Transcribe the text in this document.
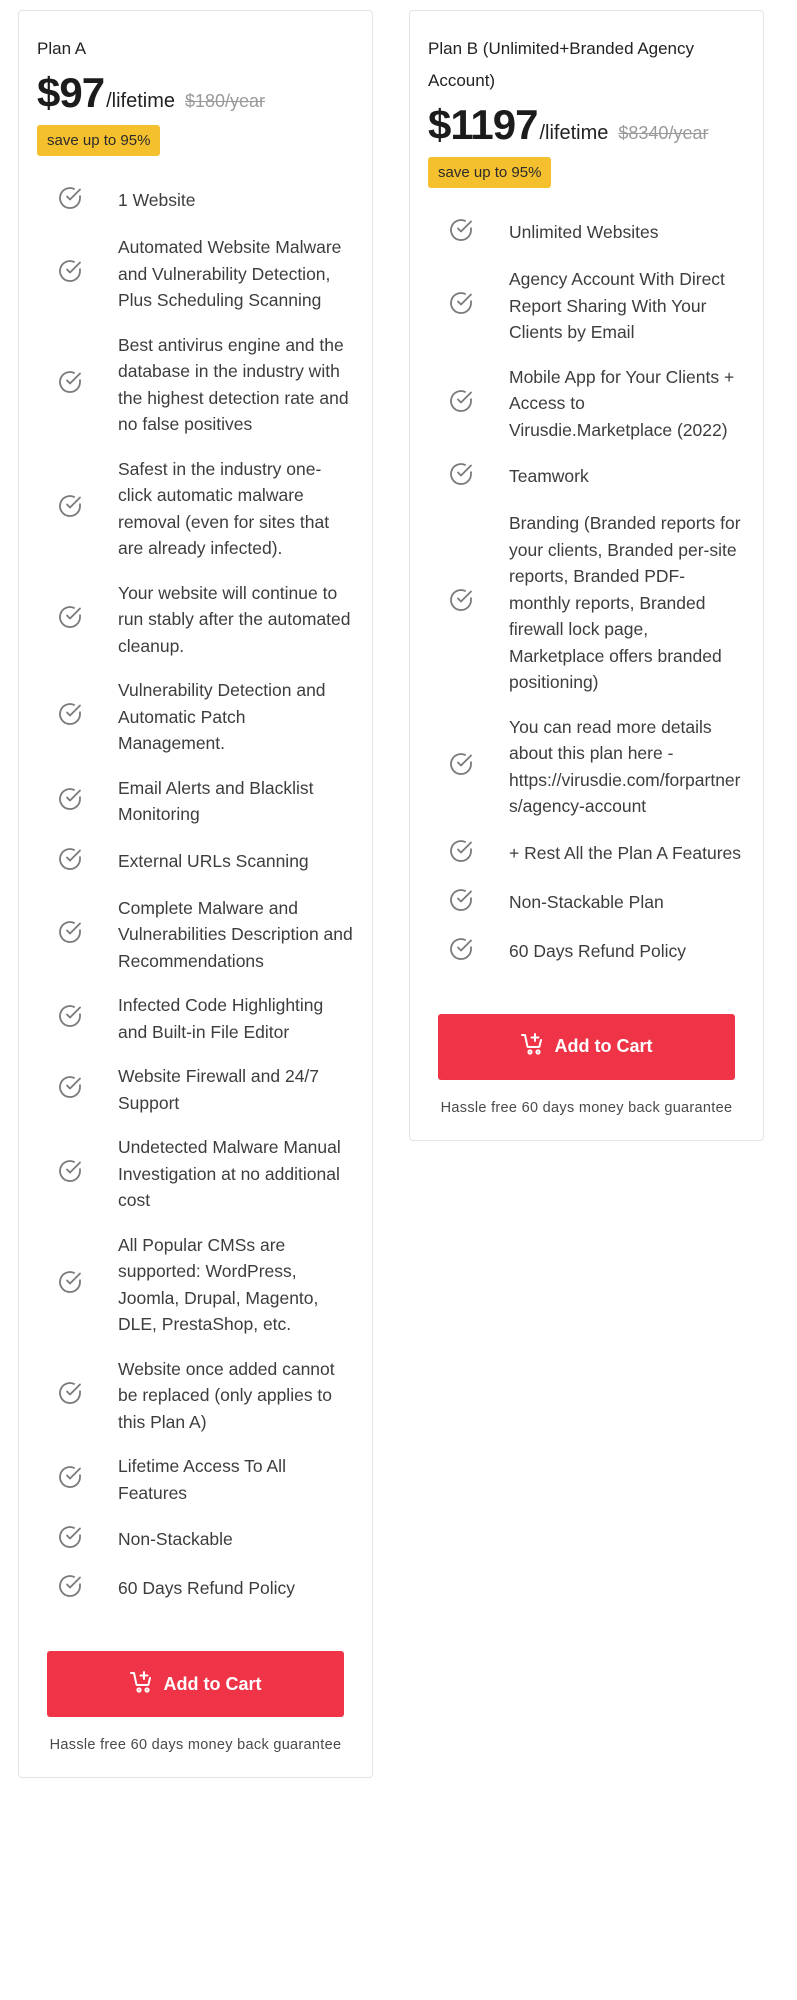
Plan A
$97 /lifetime $180/year
save up to 95%
1 Website
Automated Website Malware and Vulnerability Detection, Plus Scheduling Scanning
Best antivirus engine and the database in the industry with the highest detection rate and no false positives
Safest in the industry one-click automatic malware removal (even for sites that are already infected).
Your website will continue to run stably after the automated cleanup.
Vulnerability Detection and Automatic Patch Management.
Email Alerts and Blacklist Monitoring
External URLs Scanning
Complete Malware and Vulnerabilities Description and Recommendations
Infected Code Highlighting and Built-in File Editor
Website Firewall and 24/7 Support
Undetected Malware Manual Investigation at no additional cost
All Popular CMSs are supported: WordPress, Joomla, Drupal, Magento, DLE, PrestaShop, etc.
Website once added cannot be replaced (only applies to this Plan A)
Lifetime Access To All Features
Non-Stackable
60 Days Refund Policy
Add to Cart
Hassle free 60 days money back guarantee
Plan B (Unlimited+Branded Agency Account)
$1197 /lifetime $8340/year
save up to 95%
Unlimited Websites
Agency Account With Direct Report Sharing With Your Clients by Email
Mobile App for Your Clients + Access to Virusdie.Marketplace (2022)
Teamwork
Branding (Branded reports for your clients, Branded per-site reports, Branded PDF-monthly reports, Branded firewall lock page, Marketplace offers branded positioning)
You can read more details about this plan here - https://virusdie.com/forpartners/agency-account
+ Rest All the Plan A Features
Non-Stackable Plan
60 Days Refund Policy
Add to Cart
Hassle free 60 days money back guarantee
